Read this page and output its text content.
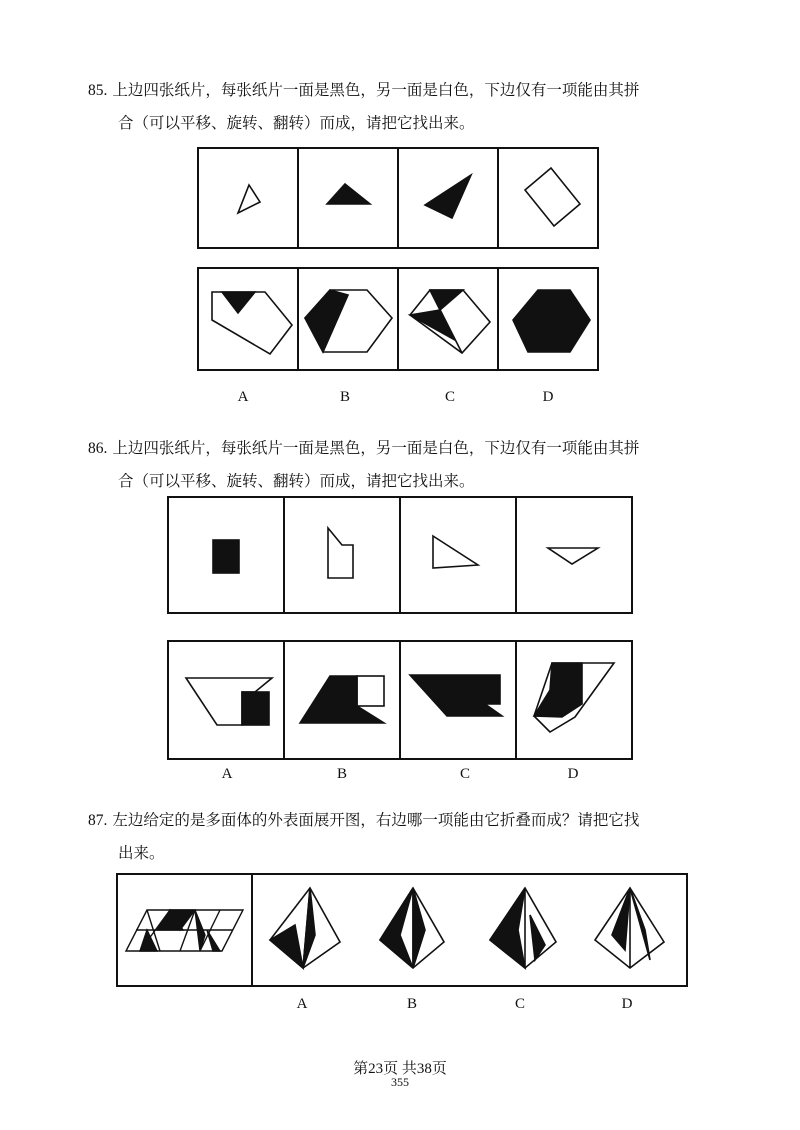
85. 上边四张纸片，每张纸片一面是黑色，另一面是白色，下边仅有一项能由其拼
合（可以平移、旋转、翻转）而成，请把它找出来。

86. 上边四张纸片，每张纸片一面是黑色，另一面是白色，下边仅有一项能由其拼
合（可以平移、旋转、翻转）而成，请把它找出来。

87. 左边给定的是多面体的外表面展开图，右边哪一项能由它折叠而成？请把它找
出来。

A	B	C	D
A	B	C	D
A	B	C	D
第23页 共38页
355
